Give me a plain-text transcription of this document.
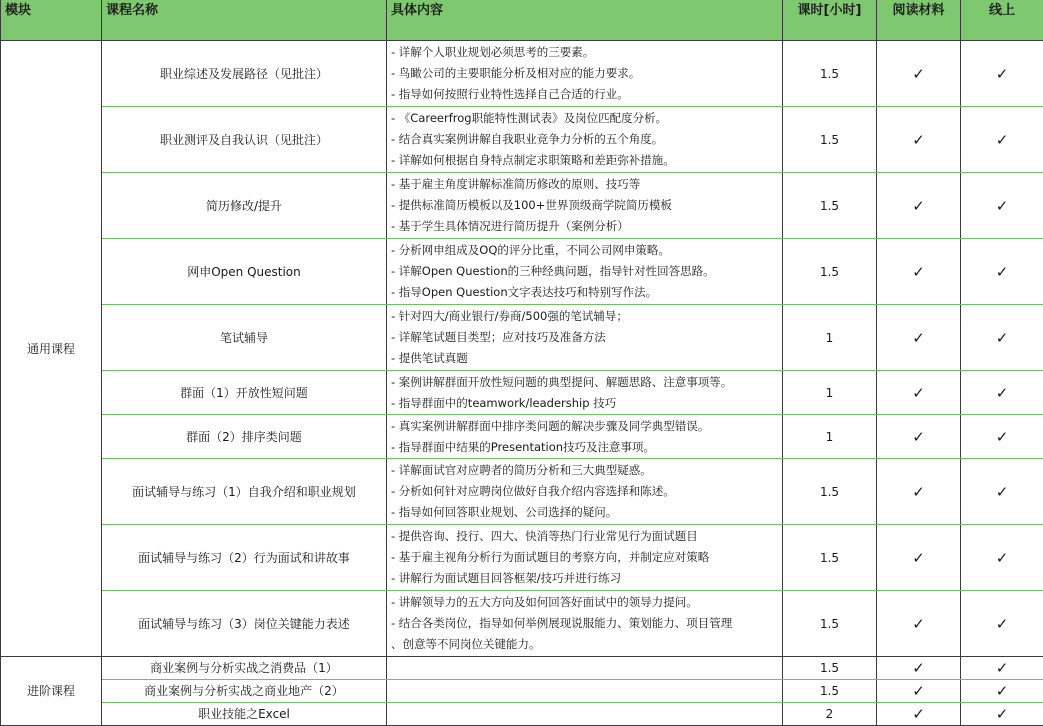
模块	课程名称	具体内容	课时[小时]	阅读材料	线上
通用课程	职业综述及发展路径（见批注）	- 详解个人职业规划必须思考的三要素。
- 鸟瞰公司的主要职能分析及相对应的能力要求。
- 指导如何按照行业特性选择自己合适的行业。	1.5	✓	✓
	职业测评及自我认识（见批注）	- 《Careerfrog职能特性测试表》及岗位匹配度分析。
- 结合真实案例讲解自我职业竞争力分析的五个角度。
- 详解如何根据自身特点制定求职策略和差距弥补措施。	1.5	✓	✓
	简历修改/提升	- 基于雇主角度讲解标准简历修改的原则、技巧等
- 提供标准简历模板以及100+世界顶级商学院简历模板
- 基于学生具体情况进行简历提升（案例分析）	1.5	✓	✓
	网申Open Question	- 分析网申组成及OQ的评分比重，不同公司网申策略。
- 详解Open Question的三种经典问题，指导针对性回答思路。
- 指导Open Question文字表达技巧和特别写作法。	1.5	✓	✓
	笔试辅导	- 针对四大/商业银行/券商/500强的笔试辅导；
- 详解笔试题目类型；应对技巧及准备方法
- 提供笔试真题	1	✓	✓
	群面（1）开放性短问题	- 案例讲解群面开放性短问题的典型提问、解题思路、注意事项等。
- 指导群面中的teamwork/leadership 技巧	1	✓	✓
	群面（2）排序类问题	- 真实案例讲解群面中排序类问题的解决步骤及同学典型错误。
- 指导群面中结果的Presentation技巧及注意事项。	1	✓	✓
	面试辅导与练习（1）自我介绍和职业规划	- 详解面试官对应聘者的简历分析和三大典型疑惑。
- 分析如何针对应聘岗位做好自我介绍内容选择和陈述。
- 指导如何回答职业规划、公司选择的疑问。	1.5	✓	✓
	面试辅导与练习（2）行为面试和讲故事	- 提供咨询、投行、四大、快消等热门行业常见行为面试题目
- 基于雇主视角分析行为面试题目的考察方向，并制定应对策略
- 讲解行为面试题目回答框架/技巧并进行练习	1.5	✓	✓
	面试辅导与练习（3）岗位关键能力表述	- 讲解领导力的五大方向及如何回答好面试中的领导力提问。
- 结合各类岗位，指导如何举例展现说服能力、策划能力、项目管理
、创意等不同岗位关键能力。	1.5	✓	✓
进阶课程	商业案例与分析实战之消费品（1）		1.5	✓	✓
	商业案例与分析实战之商业地产（2）		1.5	✓	✓
	职业技能之Excel		2	✓	✓
